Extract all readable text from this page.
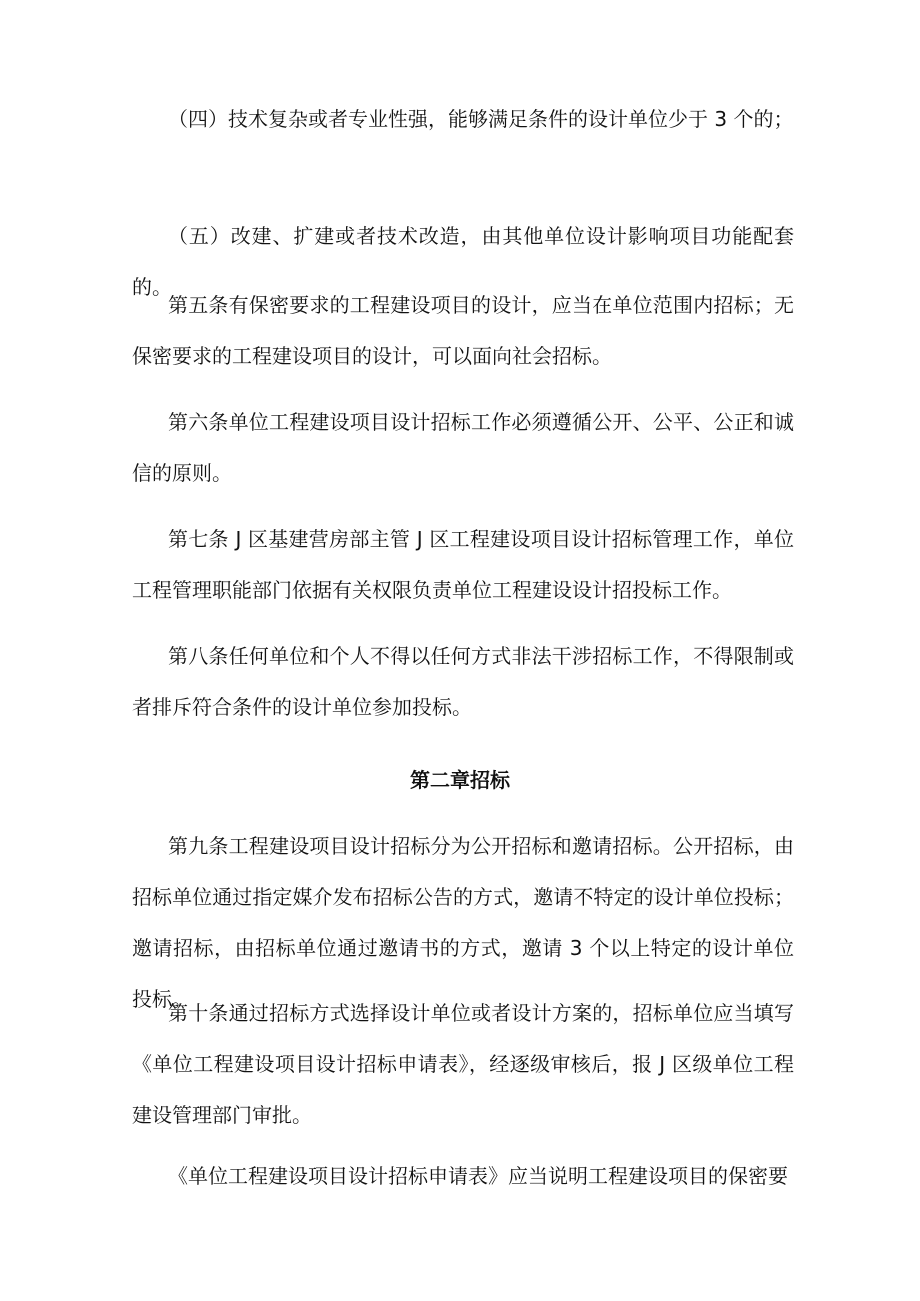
（四）技术复杂或者专业性强，能够满足条件的设计单位少于 3 个的；

（五）改建、扩建或者技术改造，由其他单位设计影响项目功能配套的。

第五条有保密要求的工程建设项目的设计，应当在单位范围内招标；无保密要求的工程建设项目的设计，可以面向社会招标。

第六条单位工程建设项目设计招标工作必须遵循公开、公平、公正和诚信的原则。

第七条 J 区基建营房部主管 J 区工程建设项目设计招标管理工作，单位工程管理职能部门依据有关权限负责单位工程建设设计招投标工作。

第八条任何单位和个人不得以任何方式非法干涉招标工作，不得限制或者排斥符合条件的设计单位参加投标。

第二章招标

第九条工程建设项目设计招标分为公开招标和邀请招标。公开招标，由招标单位通过指定媒介发布招标公告的方式，邀请不特定的设计单位投标；邀请招标，由招标单位通过邀请书的方式，邀请 3 个以上特定的设计单位投标。

第十条通过招标方式选择设计单位或者设计方案的，招标单位应当填写《单位工程建设项目设计招标申请表》，经逐级审核后，报 J 区级单位工程建设管理部门审批。

《单位工程建设项目设计招标申请表》应当说明工程建设项目的保密要
